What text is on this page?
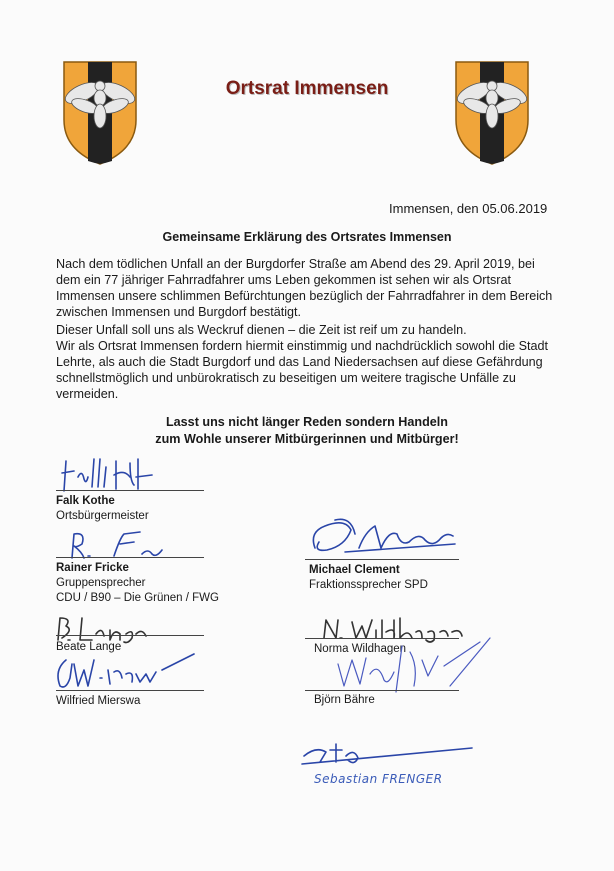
Ortsrat Immensen
Immensen, den 05.06.2019
Gemeinsame Erklärung des Ortsrates Immensen

Nach dem tödlichen Unfall an der Burgdorfer Straße am Abend des 29. April 2019, bei dem ein 77 jähriger Fahrradfahrer ums Leben gekommen ist sehen wir als Ortsrat Immensen unsere schlimmen Befürchtungen bezüglich der Fahrradfahrer in dem Bereich zwischen Immensen und Burgdorf bestätigt.

Dieser Unfall soll uns als Weckruf dienen – die Zeit ist reif um zu handeln.
Wir als Ortsrat Immensen fordern hiermit einstimmig und nachdrücklich sowohl die Stadt Lehrte, als auch die Stadt Burgdorf und das Land Niedersachsen auf diese Gefährdung schnellstmöglich und unbürokratisch zu beseitigen um weitere tragische Unfälle zu vermeiden.

Lasst uns nicht länger Reden sondern Handeln
zum Wohle unserer Mitbürgerinnen und Mitbürger!
Falk Kothe
Ortsbürgermeister
Rainer Fricke
Gruppensprecher
CDU / B90 – Die Grünen / FWG
Beate Lange
Wilfried Mierswa
Michael Clement
Fraktionssprecher SPD
Norma Wildhagen
Björn Bähre
Sebastian FRENGER
